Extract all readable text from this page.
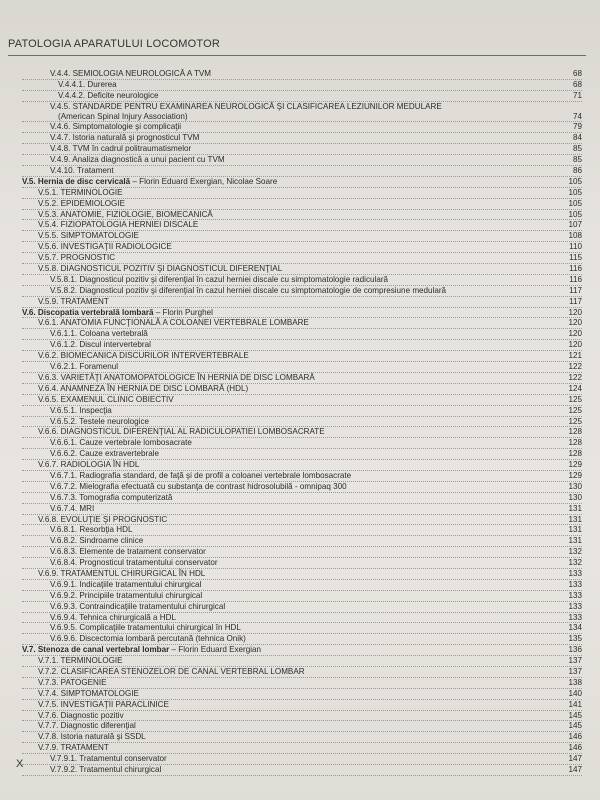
PATOLOGIA APARATULUI LOCOMOTOR
V.4.4. SEMIOLOGIA NEUROLOGICĂ A TVM	68
V.4.4.1. Durerea	68
V.4.4.2. Deficite neurologice	71
V.4.5. STANDARDE PENTRU EXAMINAREA NEUROLOGICĂ ŞI CLASIFICAREA LEZIUNILOR MEDULARE
(American Spinal Injury Association)	74
V.4.6. Simptomatologie şi complicaţii	79
V.4.7. Istoria naturală şi prognosticul TVM	84
V.4.8. TVM în cadrul politraumatismelor	85
V.4.9. Analiza diagnostică a unui pacient cu TVM	85
V.4.10. Tratament	86
V.5. Hernia de disc cervicală – Florin Eduard Exergian, Nicolae Soare	105
V.5.1. TERMINOLOGIE	105
V.5.2. EPIDEMIOLOGIE	105
V.5.3. ANATOMIE, FIZIOLOGIE, BIOMECANICĂ	105
V.5.4. FIZIOPATOLOGIA HERNIEI DISCALE	107
V.5.5. SIMPTOMATOLOGIE	108
V.5.6. INVESTIGAŢII RADIOLOGICE	110
V.5.7. PROGNOSTIC	115
V.5.8. DIAGNOSTICUL POZITIV ŞI DIAGNOSTICUL DIFERENŢIAL	116
V.5.8.1. Diagnosticul pozitiv şi diferenţial în cazul herniei discale cu simptomatologie radiculară	116
V.5.8.2. Diagnosticul pozitiv şi diferenţial în cazul herniei discale cu simptomatologie de compresiune medulară	117
V.5.9. TRATAMENT	117
V.6. Discopatia vertebrală lombară – Florin Purghel	120
V.6.1. ANATOMIA FUNCŢIONALĂ A COLOANEI VERTEBRALE LOMBARE	120
V.6.1.1. Coloana vertebrală	120
V.6.1.2. Discul intervertebral	120
V.6.2. BIOMECANICA DISCURILOR INTERVERTEBRALE	121
V.6.2.1. Foramenul	122
V.6.3. VARIETĂŢI ANATOMOPATOLOGICE ÎN HERNIA DE DISC LOMBARĂ	122
V.6.4. ANAMNEZA ÎN HERNIA DE DISC LOMBARĂ (HDL)	124
V.6.5. EXAMENUL CLINIC OBIECTIV	125
V.6.5.1. Inspecţia	125
V.6.5.2. Testele neurologice	125
V.6.6. DIAGNOSTICUL DIFERENŢIAL AL RADICULOPATIEI LOMBOSACRATE	128
V.6.6.1. Cauze vertebrale lombosacrate	128
V.6.6.2. Cauze extravertebrale	128
V.6.7. RADIOLOGIA ÎN HDL	129
V.6.7.1. Radiografia standard, de faţă şi de profil a coloanei vertebrale lombosacrate	129
V.6.7.2. Mielografia efectuată cu substanţa de contrast hidrosolubilă - omnipaq 300	130
V.6.7.3. Tomografia computerizată	130
V.6.7.4. MRI	131
V.6.8. EVOLUŢIE ŞI PROGNOSTIC	131
V.6.8.1. Resorbţia HDL	131
V.6.8.2. Sindroame clinice	131
V.6.8.3. Elemente de tratament conservator	132
V.6.8.4. Prognosticul tratamentului conservator	132
V.6.9. TRATAMENTUL CHIRURGICAL ÎN HDL	133
V.6.9.1. Indicaţiile tratamentului chirurgical	133
V.6.9.2. Principiile tratamentului chirurgical	133
V.6.9.3. Contraindicaţiile tratamentului chirurgical	133
V.6.9.4. Tehnica chirurgicală a HDL	133
V.6.9.5. Complicaţiile tratamentului chirurgical în HDL	134
V.6.9.6. Discectomia lombară percutană (tehnica Onik)	135
V.7. Stenoza de canal vertebral lombar – Florin Eduard Exergian	136
V.7.1. TERMINOLOGIE	137
V.7.2. CLASIFICAREA STENOZELOR DE CANAL VERTEBRAL LOMBAR	137
V.7.3. PATOGENIE	138
V.7.4. SIMPTOMATOLOGIE	140
V.7.5. INVESTIGAŢII PARACLINICE	141
V.7.6. Diagnostic pozitiv	145
V.7.7. Diagnostic diferenţial	145
V.7.8. Istoria naturală şi SSDL	146
V.7.9. TRATAMENT	146
V.7.9.1. Tratamentul conservator	147
V.7.9.2. Tratamentul chirurgical	147
X
